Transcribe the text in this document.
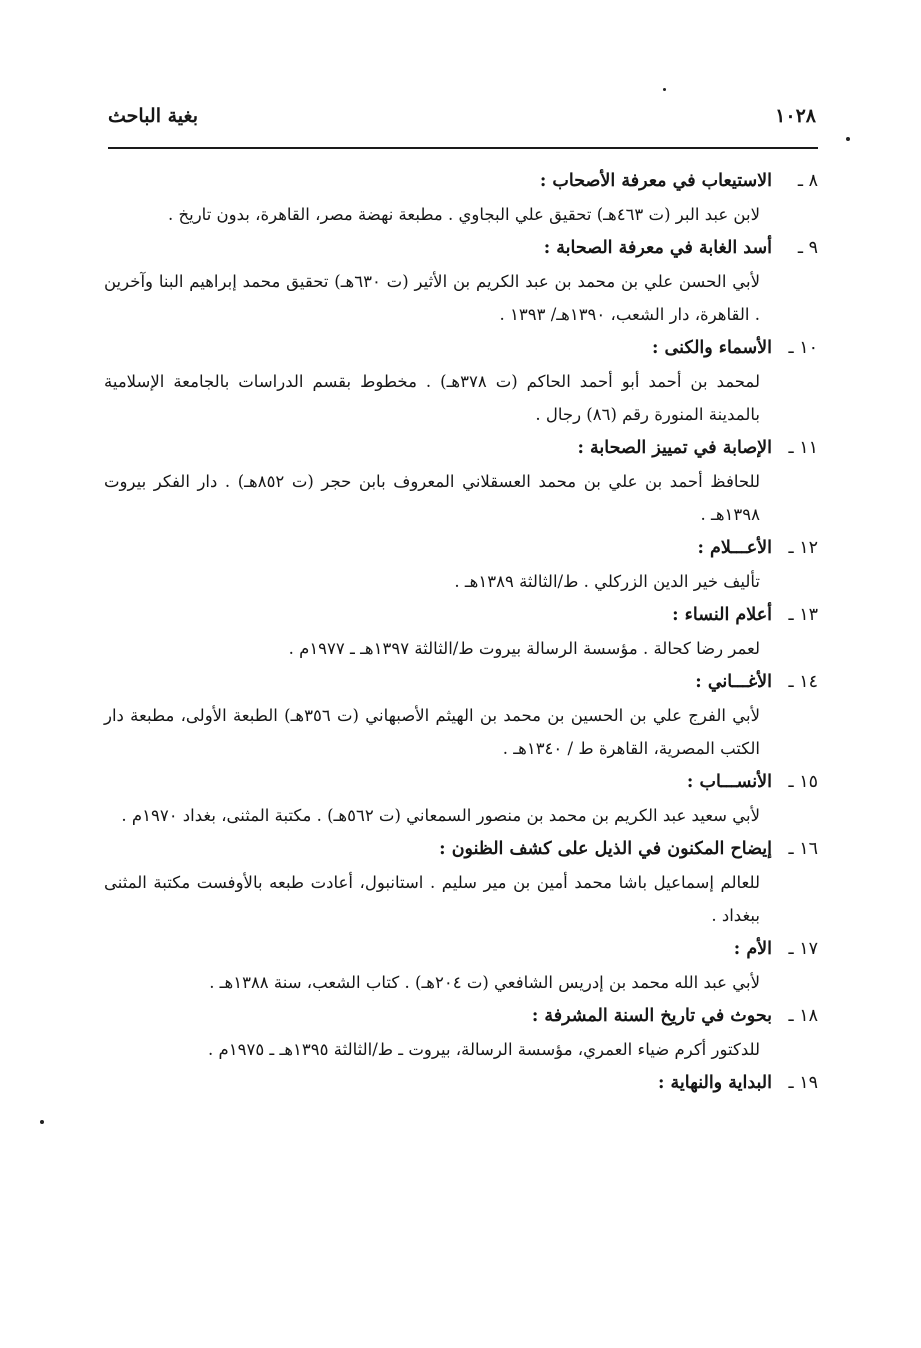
١٠٢٨
بغية الباحث
٨ ـ
الاستيعاب في معرفة الأصحاب :
لابن عبد البر (ت ٤٦٣هـ) تحقيق علي البجاوي . مطبعة نهضة مصر، القاهرة، بدون تاريخ .
٩ ـ
أسد الغابة في معرفة الصحابة :
لأبي الحسن علي بن محمد بن عبد الكريم بن الأثير (ت ٦٣٠هـ) تحقيق محمد إبراهيم البنا وآخرين . القاهرة، دار الشعب، ١٣٩٠هـ/ ١٣٩٣ .
١٠ ـ
الأسماء والكنى :
لمحمد بن أحمد أبو أحمد الحاكم (ت ٣٧٨هـ) . مخطوط بقسم الدراسات بالجامعة الإسلامية بالمدينة المنورة رقم (٨٦) رجال .
١١ ـ
الإصابة في تمييز الصحابة :
للحافظ أحمد بن علي بن محمد العسقلاني المعروف بابن حجر (ت ٨٥٢هـ) . دار الفكر بيروت ١٣٩٨هـ .
١٢ ـ
الأعـــلام :
تأليف خير الدين الزركلي . ط/الثالثة ١٣٨٩هـ .
١٣ ـ
أعلام النساء :
لعمر رضا كحالة . مؤسسة الرسالة بيروت ط/الثالثة ١٣٩٧هـ ـ ١٩٧٧م .
١٤ ـ
الأغـــاني :
لأبي الفرج علي بن الحسين بن محمد بن الهيثم الأصبهاني (ت ٣٥٦هـ) الطبعة الأولى، مطبعة دار الكتب المصرية، القاهرة ط / ١٣٤٠هـ .
١٥ ـ
الأنســـاب :
لأبي سعيد عبد الكريم بن محمد بن منصور السمعاني (ت ٥٦٢هـ) . مكتبة المثنى، بغداد ١٩٧٠م .
١٦ ـ
إيضاح المكنون في الذيل على كشف الظنون :
للعالم إسماعيل باشا محمد أمين بن مير سليم . استانبول، أعادت طبعه بالأوفست مكتبة المثنى ببغداد .
١٧ ـ
الأم :
لأبي عبد الله محمد بن إدريس الشافعي (ت ٢٠٤هـ) . كتاب الشعب، سنة ١٣٨٨هـ .
١٨ ـ
بحوث في تاريخ السنة المشرفة :
للدكتور أكرم ضياء العمري، مؤسسة الرسالة، بيروت ـ ط/الثالثة ١٣٩٥هـ ـ ١٩٧٥م .
١٩ ـ
البداية والنهاية :
